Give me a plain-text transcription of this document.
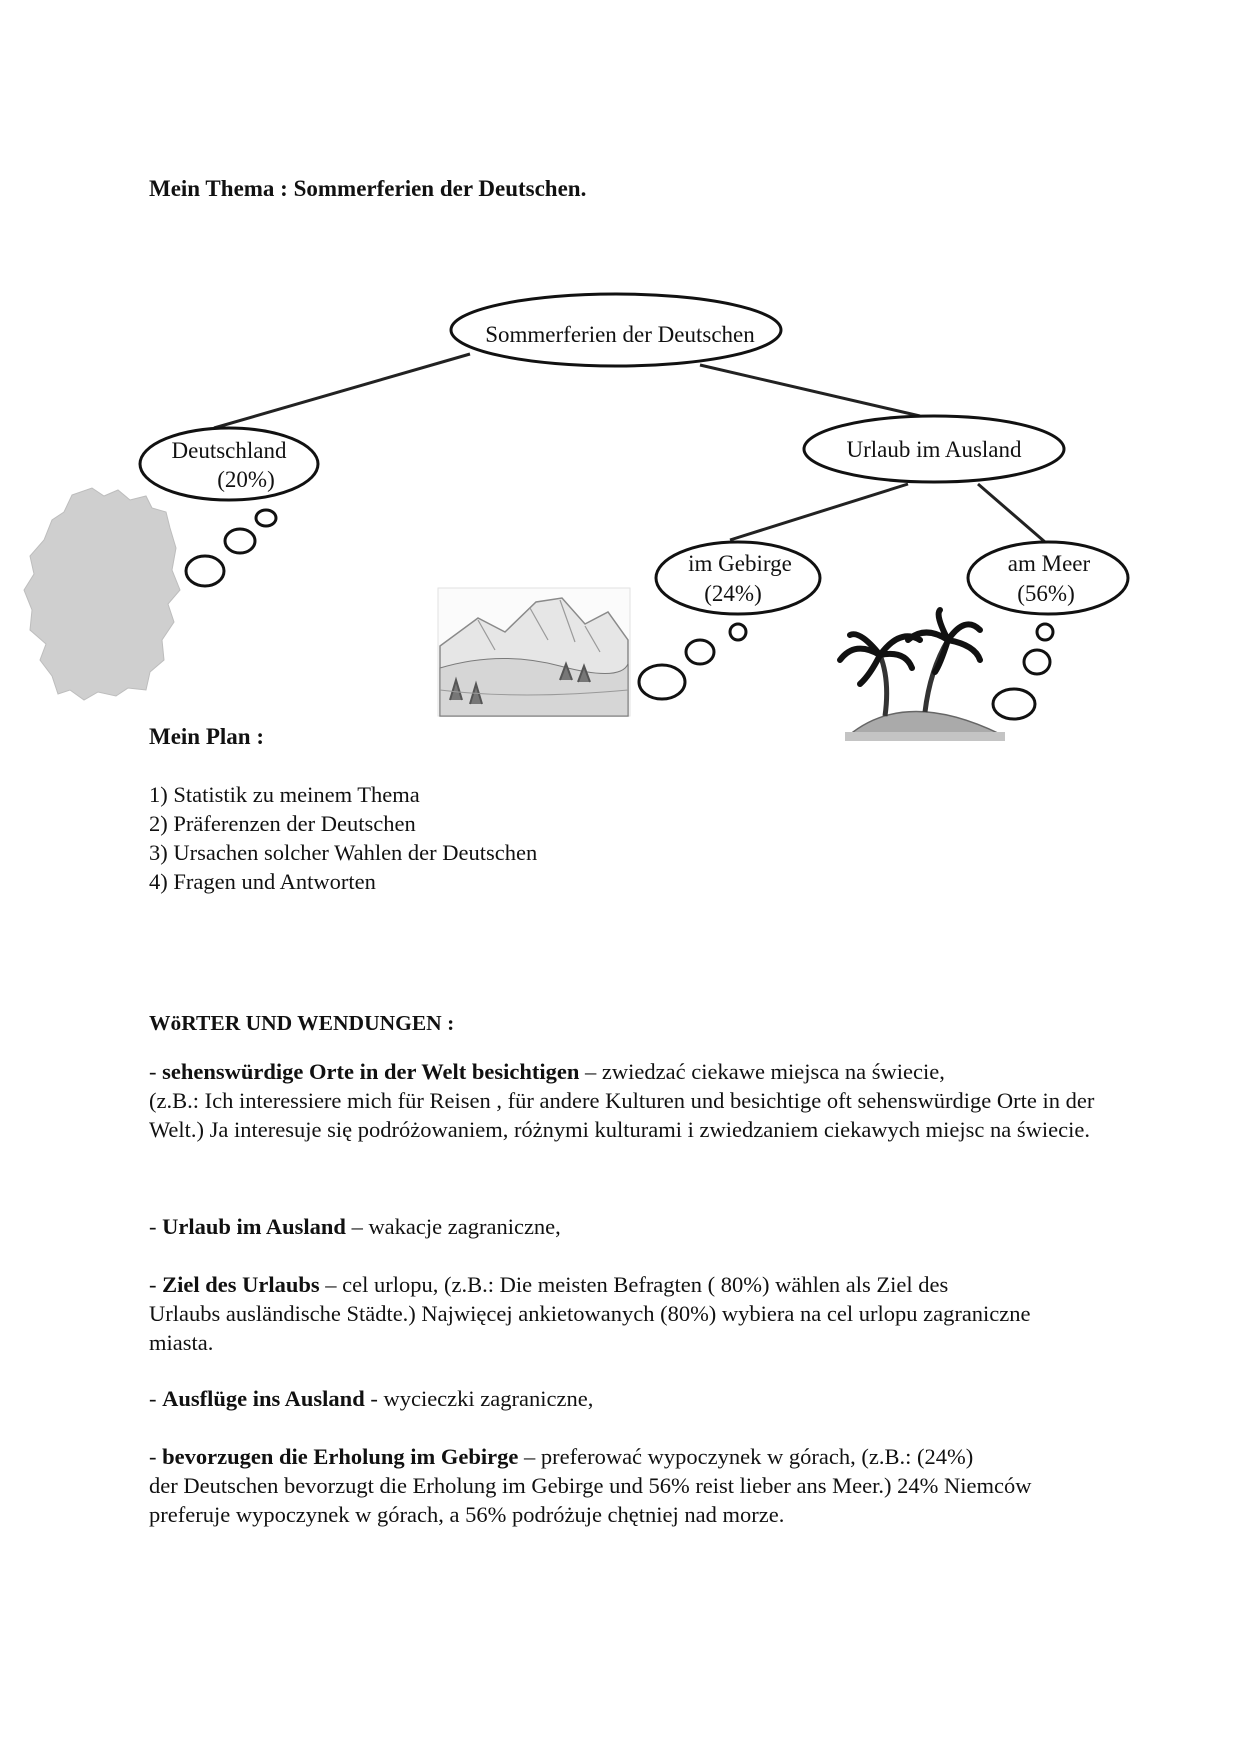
Mein Thema : Sommerferien der Deutschen.
Sommerferien der Deutschen
Deutschland
(20%)
Urlaub im Ausland
im Gebirge
(24%)
am Meer
(56%)
Mein Plan :
1) Statistik zu meinem Thema
2) Präferenzen der Deutschen
3) Ursachen solcher Wahlen der Deutschen
4) Fragen und Antworten
WöRTER UND WENDUNGEN :

- sehenswürdige Orte in der Welt besichtigen – zwiedzać ciekawe miejsca na świecie,
(z.B.: Ich interessiere mich für Reisen , für andere Kulturen und besichtige oft sehenswürdige Orte in der Welt.) Ja interesuje się podróżowaniem, różnymi kulturami i zwiedzaniem ciekawych miejsc na świecie.

- Urlaub im Ausland – wakacje zagraniczne,

- Ziel des Urlaubs – cel urlopu, (z.B.: Die meisten Befragten ( 80%) wählen als Ziel des
Urlaubs ausländische Städte.) Najwięcej ankietowanych (80%) wybiera na cel urlopu zagraniczne miasta.

- Ausflüge ins Ausland - wycieczki zagraniczne,

- bevorzugen die Erholung im Gebirge – preferować wypoczynek w górach, (z.B.: (24%)
der Deutschen bevorzugt die Erholung im Gebirge und 56% reist lieber ans Meer.) 24% Niemców preferuje wypoczynek w górach, a 56% podróżuje chętniej nad morze.
